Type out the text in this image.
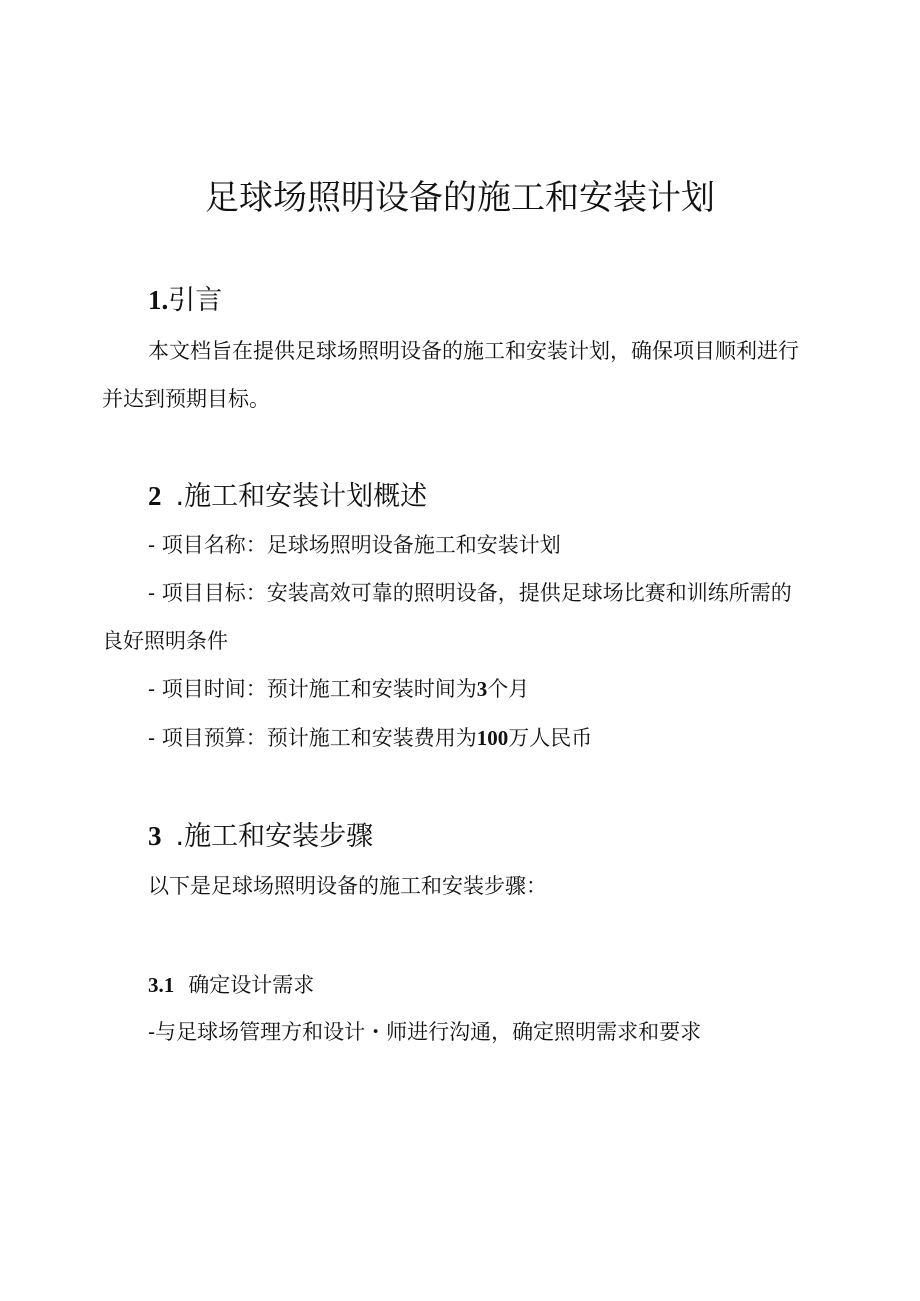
足球场照明设备的施工和安装计划
1.引言

本文档旨在提供足球场照明设备的施工和安装计划，确保项目顺利进行并达到预期目标。

2 .施工和安装计划概述

- 项目名称：足球场照明设备施工和安装计划

- 项目目标：安装高效可靠的照明设备，提供足球场比赛和训练所需的良好照明条件

- 项目时间：预计施工和安装时间为3个月

- 项目预算：预计施工和安装费用为100万人民币

3 .施工和安装步骤

以下是足球场照明设备的施工和安装步骤：

3.1 确定设计需求

-与足球场管理方和设计・师进行沟通，确定照明需求和要求
